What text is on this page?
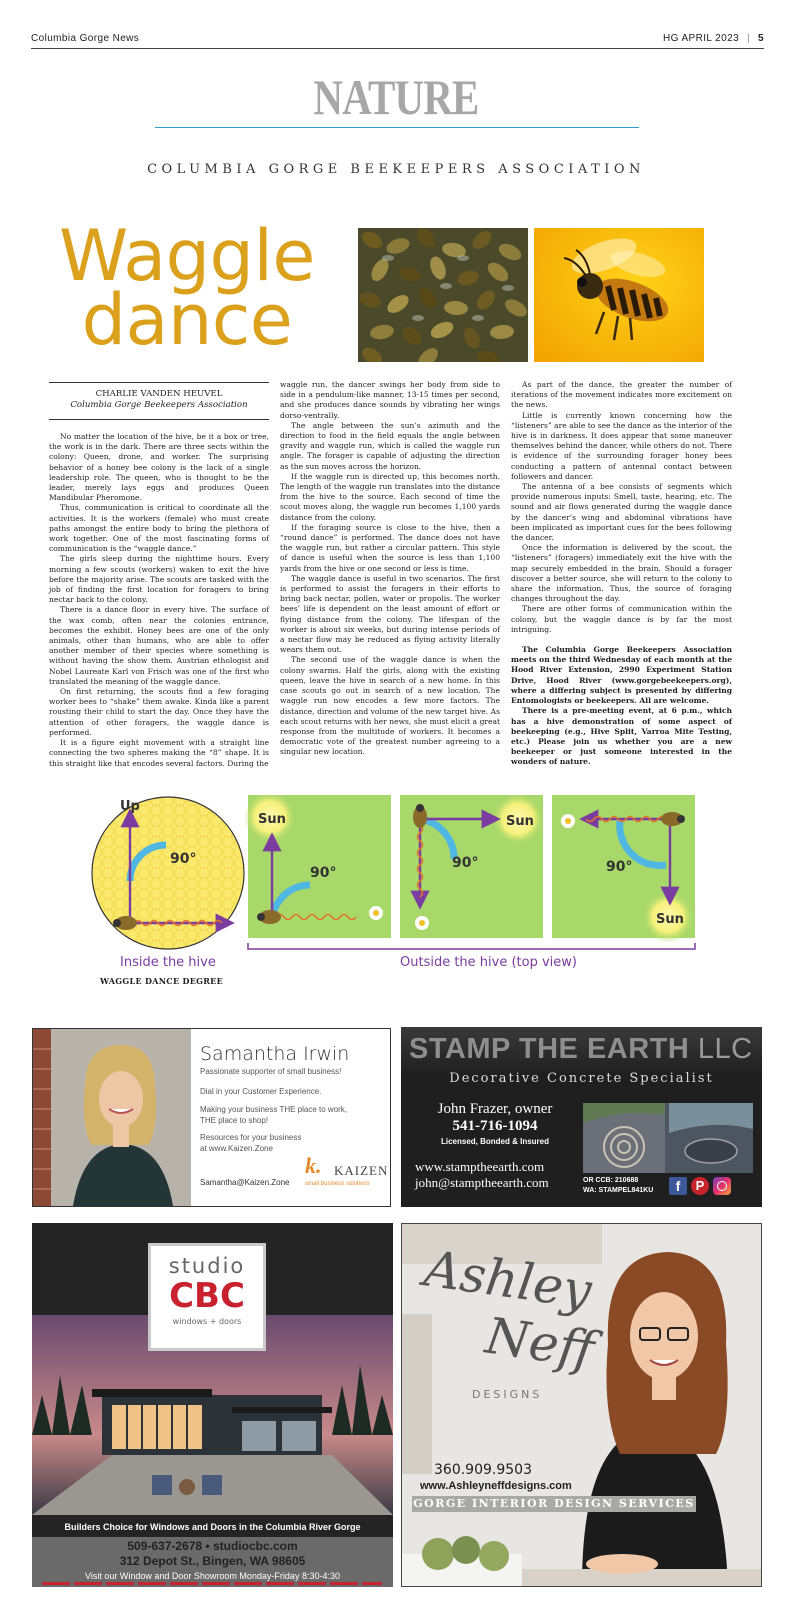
Columbia Gorge News	HG APRIL 2023 | 5
NATURE
COLUMBIA GORGE BEEKEEPERS ASSOCIATION
Waggle
dance
CHARLIE VANDEN HEUVEL
Columbia Gorge Beekeepers Association

No matter the location of the hive, be it a box or tree, the work is in the dark. There are three sects within the colony: Queen, drone, and worker. The surprising behavior of a honey bee colony is the lack of a single leadership role. The queen, who is thought to be the leader, merely lays eggs and produces Queen Mandibular Pheromone.

Thus, communication is critical to coordinate all the activities. It is the workers (female) who must create paths amongst the entire body to bring the plethora of work together. One of the most fascinating forms of communication is the “waggle dance.”

The girls sleep during the nighttime hours. Every morning a few scouts (workers) waken to exit the hive before the majority arise. The scouts are tasked with the job of finding the first location for foragers to bring nectar back to the colony.

There is a dance floor in every hive. The surface of the wax comb, often near the colonies entrance, becomes the exhibit. Honey bees are one of the only animals, other than humans, who are able to offer another member of their species where something is without having the show them. Austrian ethologist and Nobel Laureate Karl von Frisch was one of the first who translated the meaning of the waggle dance.

On first returning, the scouts find a few foraging worker bees to “shake” them awake. Kinda like a parent rousting their child to start the day. Once they have the attention of other foragers, the waggle dance is performed.

It is a figure eight movement with a straight line connecting the two spheres making the “8” shape. It is this straight like that encodes several factors. During the

waggle run, the dancer swings her body from side to side in a pendulum-like manner, 13-15 times per second, and she produces dance sounds by vibrating her wings dorso-ventrally.

The angle between the sun’s azimuth and the direction to food in the field equals the angle between gravity and waggle run, which is called the waggle run angle. The forager is capable of adjusting the direction as the sun moves across the horizon.

If the waggle run is directed up, this becomes north. The length of the waggle run translates into the distance from the hive to the source. Each second of time the scout moves along, the waggle run becomes 1,100 yards distance from the colony.

If the foraging source is close to the hive, then a “round dance” is performed. The dance does not have the waggle run, but rather a circular pattern. This style of dance is useful when the source is less than 1,100 yards from the hive or one second or less is time.

The waggle dance is useful in two scenarios. The first is performed to assist the foragers in their efforts to bring back nectar, pollen, water or propolis. The worker bees’ life is dependent on the least amount of effort or flying distance from the colony. The lifespan of the worker is about six weeks, but during intense periods of a nectar flow may be reduced as flying activity literally wears them out.

The second use of the waggle dance is when the colony swarms. Half the girls, along with the existing queen, leave the hive in search of a new home. In this case scouts go out in search of a new location. The waggle run now encodes a few more factors. The distance, direction and volume of the new target hive. As each scout returns with her news, she must elicit a great response from the multitude of workers. It becomes a democratic vote of the greatest number agreeing to a singular new location.

As part of the dance, the greater the number of iterations of the movement indicates more excitement on the news.

Little is currently known concerning how the “listeners” are able to see the dance as the interior of the hive is in darkness. It does appear that some maneuver themselves behind the dancer, while others do not. There is evidence of the surrounding forager honey bees conducting a pattern of antennal contact between followers and dancer.

The antenna of a bee consists of segments which provide numerous inputs: Smell, taste, hearing, etc. The sound and air flows generated during the waggle dance by the dancer’s wing and abdominal vibrations have been implicated as important cues for the bees following the dancer.

Once the information is delivered by the scout, the “listeners” (foragers) immediately exit the hive with the map securely embedded in the brain. Should a forager discover a better source, she will return to the colony to share the information. Thus, the source of foraging changes throughout the day.

There are other forms of communication within the colony, but the waggle dance is by far the most intriguing.

The Columbia Gorge Beekeepers Association meets on the third Wednesday of each month at the Hood River Extension, 2990 Experiment Station Drive, Hood River (www.gorgebeekeepers.org), where a differing subject is presented by differing Entomologists or beekeepers. All are welcome.

There is a pre-meeting event, at 6 p.m., which has a hive demonstration of some aspect of beekeeping (e.g., Hive Split, Varroa Mite Testing, etc.) Please join us whether you are a new beekeeper or just someone interested in the wonders of nature.

Up
90°
Sun
90°
Sun
90°
Sun
90°
Inside the hive	Outside the hive (top view)
WAGGLE DANCE DEGREE
Samantha Irwin
Passionate supporter of small business!
Dial in your Customer Experience.
Making your business THE place to work, THE place to shop!
Resources for your business at www.Kaizen.Zone
Samantha@Kaizen.Zone
k. KAIZEN
small business solutions
STAMP THE EARTH LLC
Decorative Concrete Specialist
John Frazer, owner
541-716-1094
Licensed, Bonded & Insured
www.stamptheearth.com
john@stamptheearth.com	OR CCB: 210688
WA: STAMPEL841KU	f	P
studio
CBC
windows + doors
Builders Choice for Windows and Doors in the Columbia River Gorge
509-637-2678 • studiocbc.com
312 Depot St., Bingen, WA 98605
Visit our Window and Door Showroom Monday-Friday 8:30-4:30
Ashley
Neff
DESIGNS
360.909.9503
www.Ashleyneffdesigns.com
GORGE INTERIOR DESIGN SERVICES
